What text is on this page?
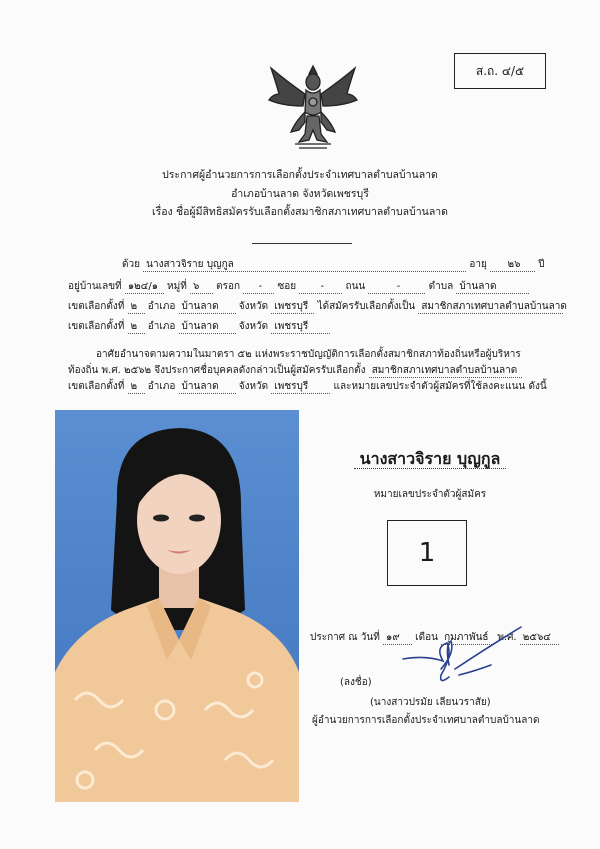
ส.ถ. ๔/๕
ประกาศผู้อำนวยการการเลือกตั้งประจำเทศบาลตำบลบ้านลาด
อำเภอบ้านลาด จังหวัดเพชรบุรี
เรื่อง ชื่อผู้มีสิทธิสมัครรับเลือกตั้งสมาชิกสภาเทศบาลตำบลบ้านลาด
ด้วย นางสาวจิราย บุญกูล	อายุ ๒๖ ปี
อยู่บ้านเลขที่ ๑๒๔/๑ หมู่ที่ ๖ ตรอก - ซอย - ถนน	-	ตำบล บ้านลาด
เขตเลือกตั้งที่ ๒ อำเภอ บ้านลาด จังหวัด เพชรบุรี ได้สมัครรับเลือกตั้งเป็น สมาชิกสภาเทศบาลตำบลบ้านลาด
เขตเลือกตั้งที่ ๒ อำเภอ บ้านลาด จังหวัด เพชรบุรี
อาศัยอำนาจตามความในมาตรา ๕๒ แห่งพระราชบัญญัติการเลือกตั้งสมาชิกสภาท้องถิ่นหรือผู้บริหาร
ท้องถิ่น พ.ศ. ๒๕๖๒ จึงประกาศชื่อบุคคลดังกล่าวเป็นผู้สมัครรับเลือกตั้ง สมาชิกสภาเทศบาลตำบลบ้านลาด
เขตเลือกตั้งที่ ๒ อำเภอ บ้านลาด จังหวัด เพชรบุรี	และหมายเลขประจำตัวผู้สมัครที่ใช้ลงคะแนน ดังนี้
นางสาวจิราย บุญกูล
หมายเลขประจำตัวผู้สมัคร
1
ประกาศ ณ วันที่ ๑๙ เดือน กุมภาพันธ์ พ.ศ. ๒๕๖๔
(ลงชื่อ)
(นางสาวปรมัย เลียนวราสัย)
ผู้อำนวยการการเลือกตั้งประจำเทศบาลตำบลบ้านลาด
